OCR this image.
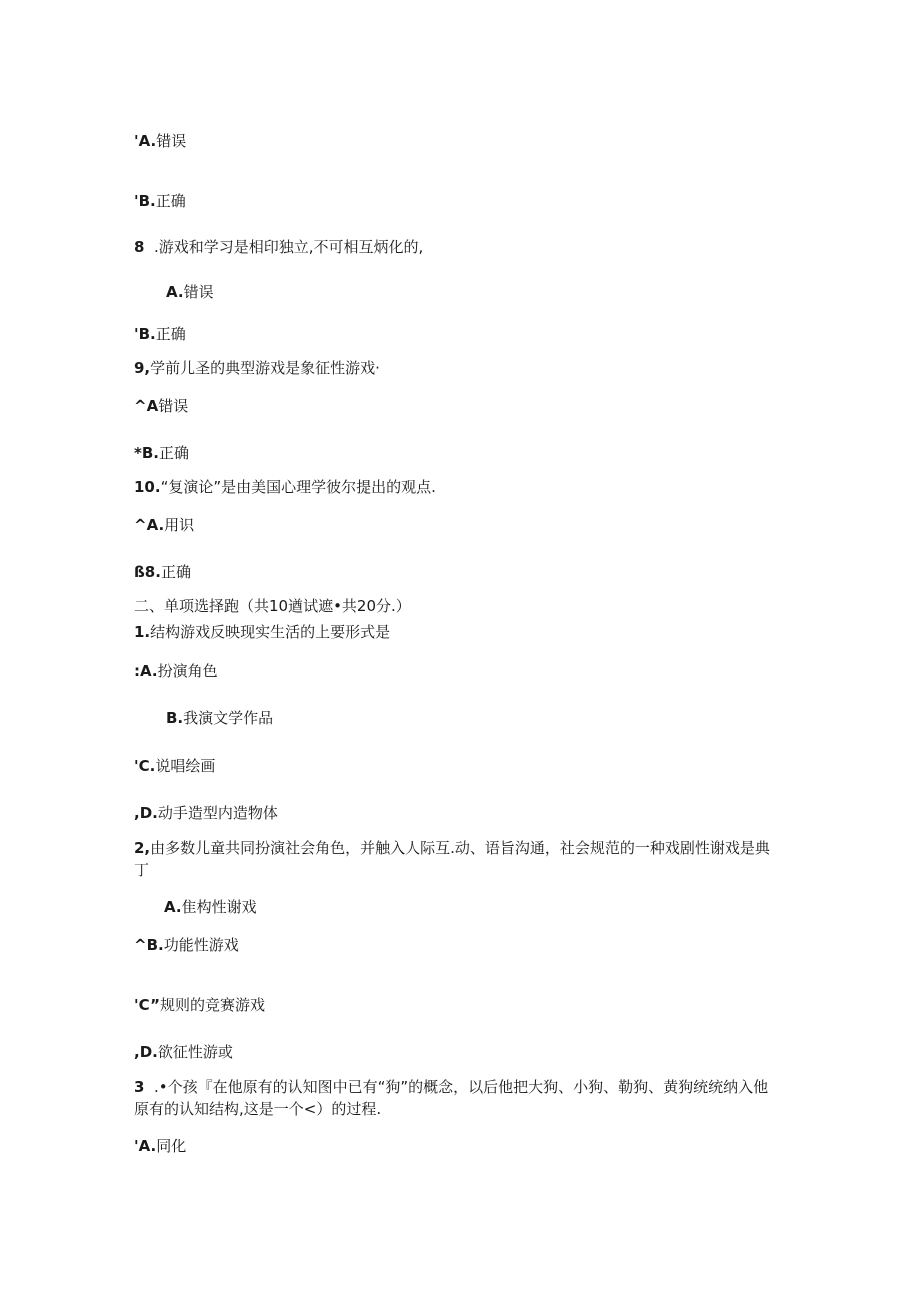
'A.错误
'B.正确
8  .游戏和学习是相印独立,不可相互炳化的,
A.错误
'B.正确
9,学前儿圣的典型游戏是象征性游戏·
^A错误
*B.正确
10.“复演论”是由美国心理学彼尔提出的观点.
^A.用识
ß8.正确
二、单项选择跑（共10遒试遮•共20分.）
1.结构游戏反映现实生活的上要形式是
:A.扮演角色
B.我演文学作品
'C.说唱绘画
,D.动手造型内造物体
2,由多数儿童共同扮演社会角色，并触入人际互.动、语旨沟通，社会规范的一种戏剧性谢戏是典丁
A.隹构性谢戏
^B.功能性游戏
'C”规则的竞赛游戏
,D.欲征性游或
3  .•个孩『在他原有的认知图中已有“狗”的概念，以后他把大狗、小狗、勒狗、黄狗统统纳入他原有的认知结构,这是一个<）的过程.
'A.同化
